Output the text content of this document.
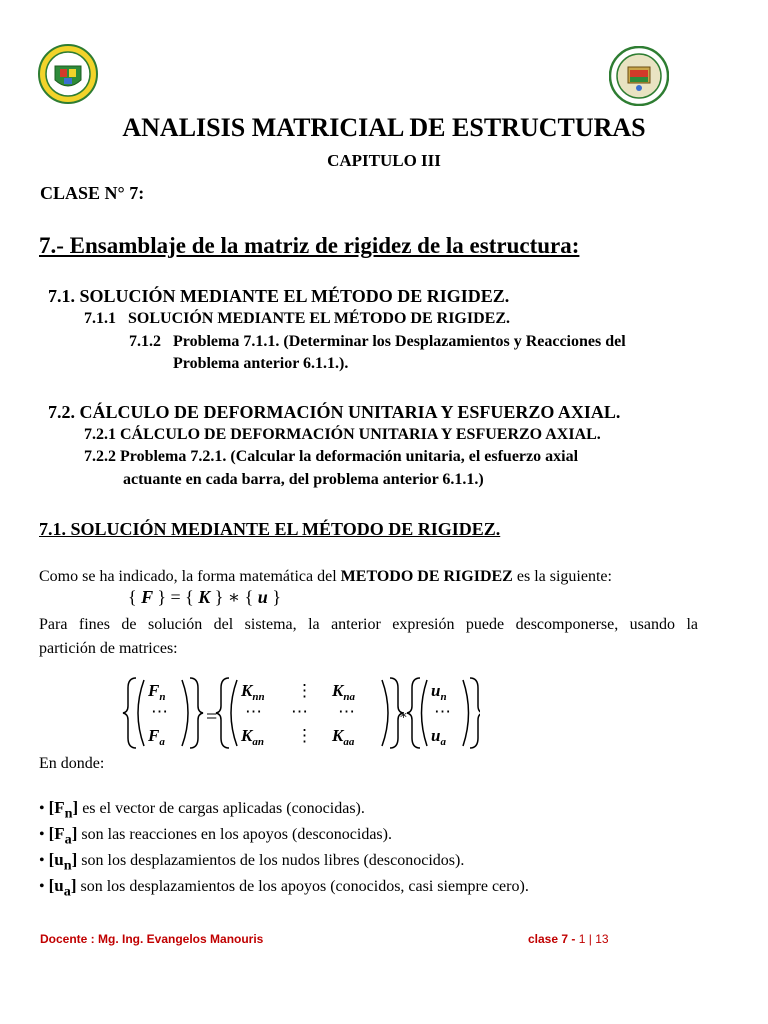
ANALISIS MATRICIAL DE ESTRUCTURAS
CAPITULO III
CLASE N° 7:
7.- Ensamblaje de la matriz de rigidez de la estructura:
7.1. SOLUCIÓN MEDIANTE EL MÉTODO DE RIGIDEZ.
7.1.1   SOLUCIÓN MEDIANTE EL MÉTODO DE RIGIDEZ.
7.1.2   Problema 7.1.1. (Determinar los Desplazamientos y Reacciones del
Problema anterior 6.1.1.).
7.2. CÁLCULO DE DEFORMACIÓN UNITARIA Y ESFUERZO AXIAL.
7.2.1 CÁLCULO DE DEFORMACIÓN UNITARIA Y ESFUERZO AXIAL.
7.2.2 Problema 7.2.1. (Calcular la deformación unitaria, el esfuerzo axial
actuante en cada barra, del problema anterior 6.1.1.)
7.1. SOLUCIÓN MEDIANTE EL MÉTODO DE RIGIDEZ.
Como se ha indicado, la forma matemática del METODO DE RIGIDEZ es la siguiente:
{ F } = { K } ∗ { u }
Para fines de solución del sistema, la anterior expresión puede descomponerse, usando la
partición de matrices:
$F_n$
⋯
$F_a$
=
$K_{nn}$ ⋮ $K_{na}$
⋯ ⋯ ⋯
$K_{an}$ ⋮ $K_{aa}$
∗
$u_n$
⋯
$u_a$
En donde:
• $[F_n]$ es el vector de cargas aplicadas (conocidas).
• $[F_a]$ son las reacciones en los apoyos (desconocidas).
• $[u_n]$ son los desplazamientos de los nudos libres (desconocidos).
• $[u_a]$ son los desplazamientos de los apoyos (conocidos, casi siempre cero).
Docente : Mg. Ing. Evangelos Manouris	clase 7 - 1 | 13
